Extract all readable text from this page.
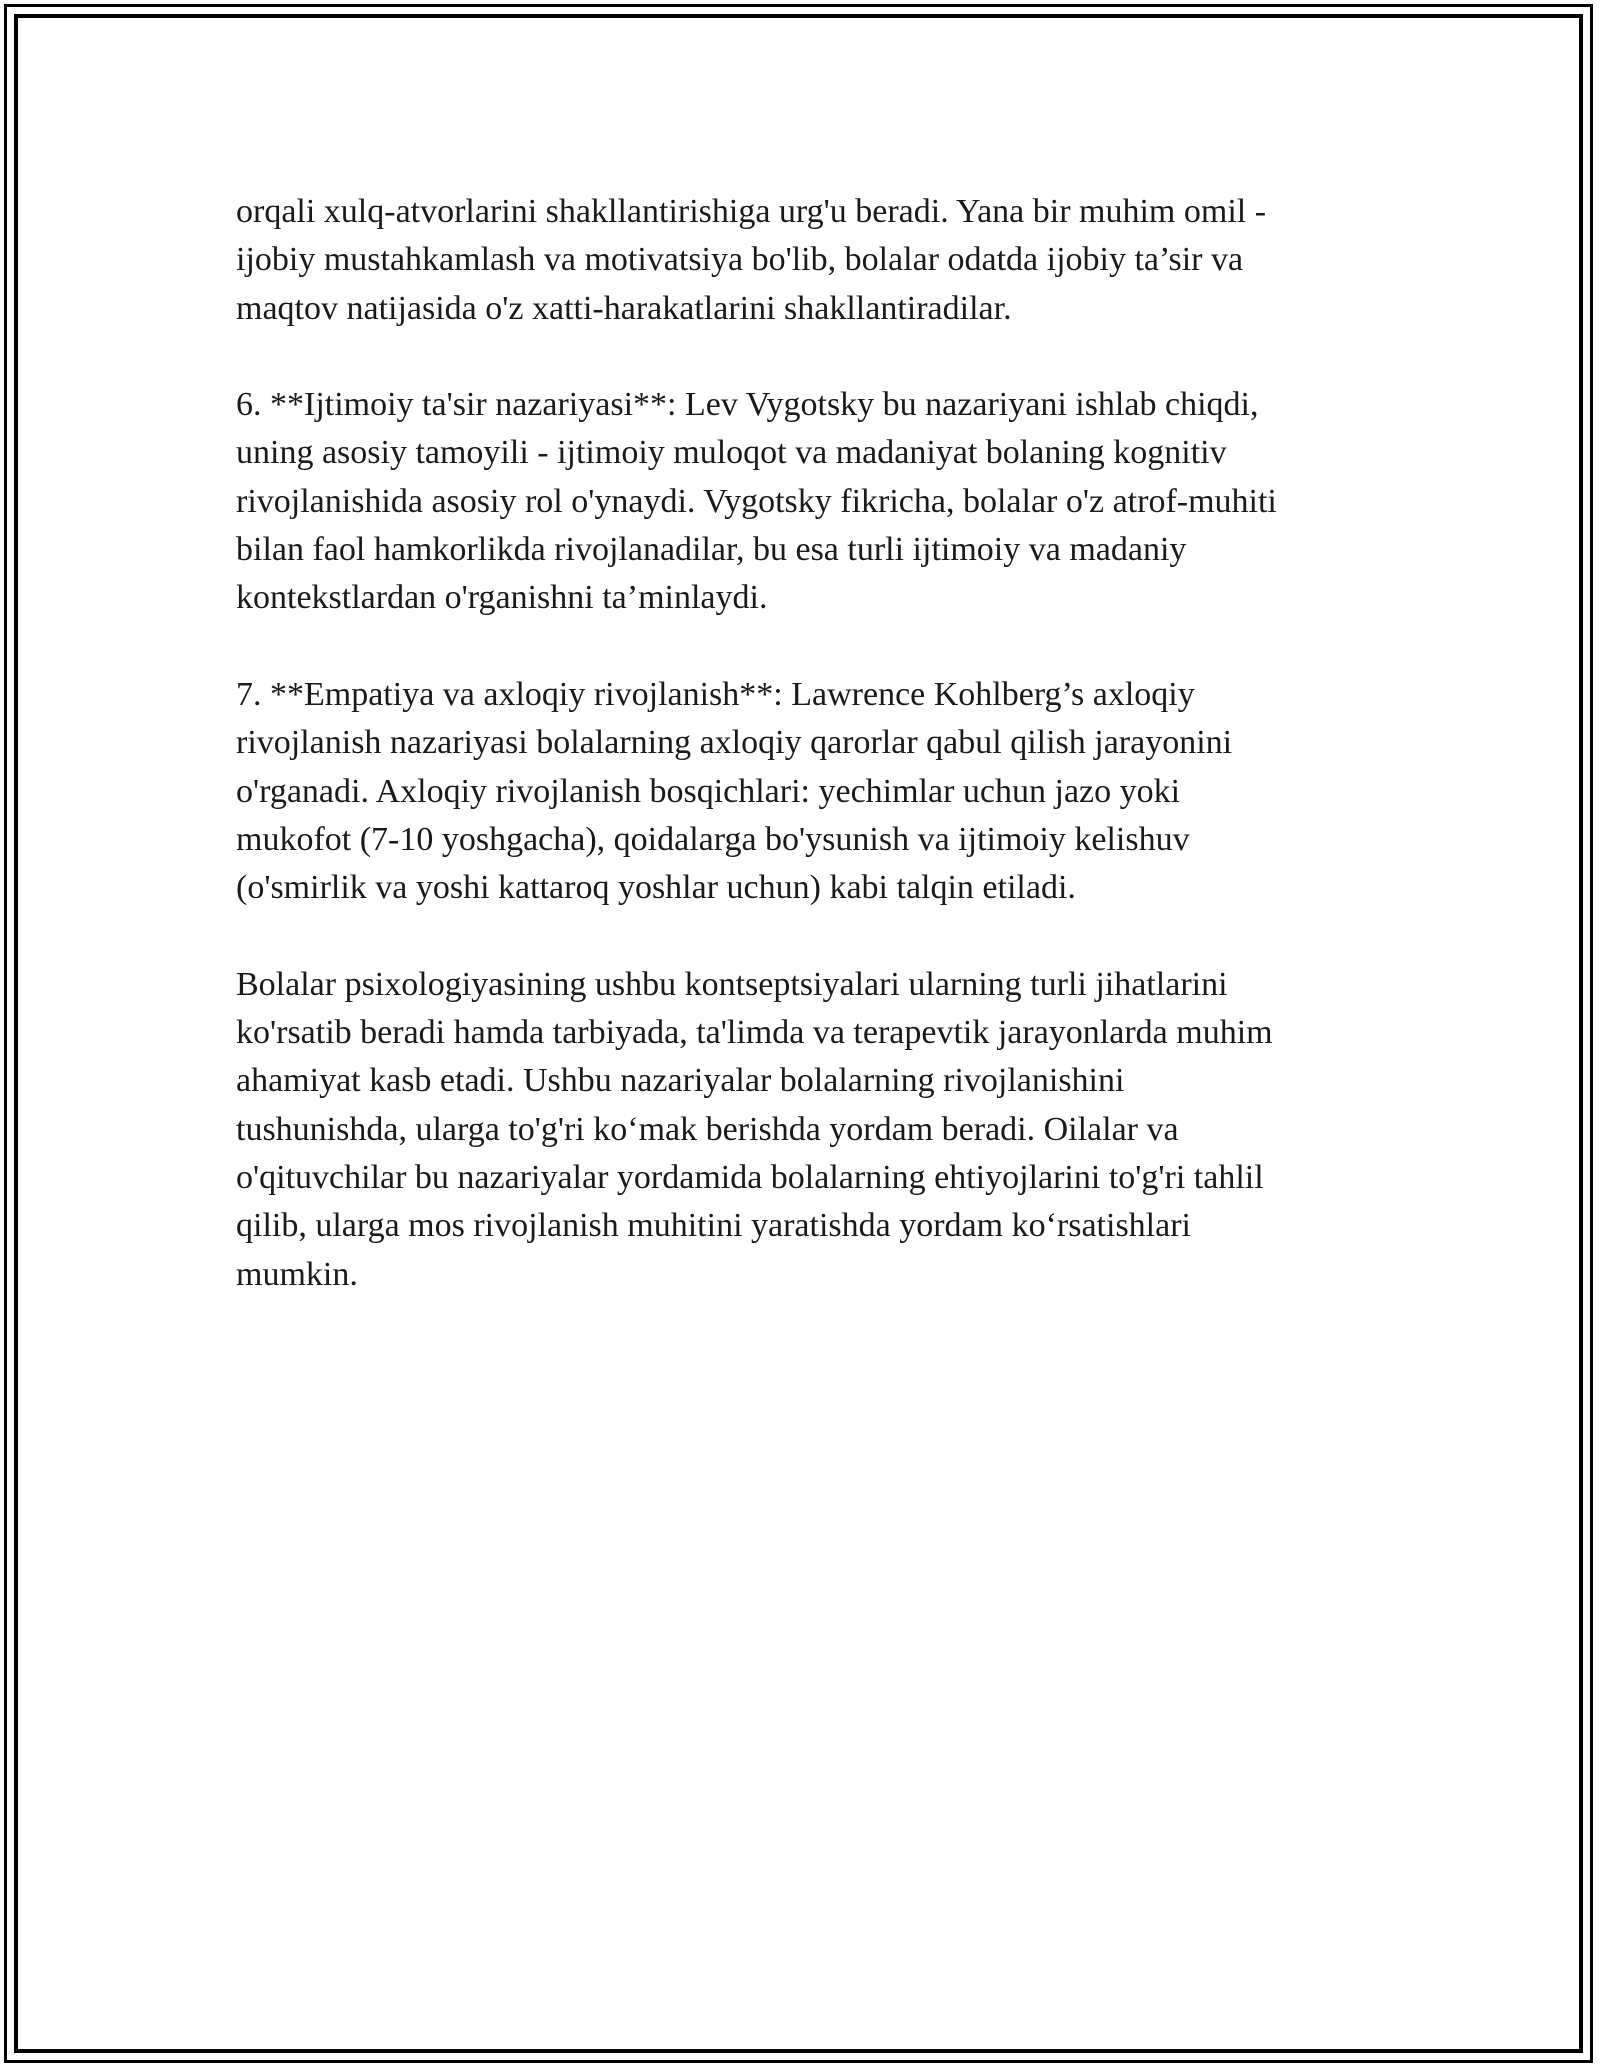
orqali xulq-atvorlarini shakllantirishiga urg'u beradi. Yana bir muhim omil -
ijobiy mustahkamlash va motivatsiya bo'lib, bolalar odatda ijobiy ta’sir va
maqtov natijasida o'z xatti-harakatlarini shakllantiradilar.

6. **Ijtimoiy ta'sir nazariyasi**: Lev Vygotsky bu nazariyani ishlab chiqdi,
uning asosiy tamoyili - ijtimoiy muloqot va madaniyat bolaning kognitiv
rivojlanishida asosiy rol o'ynaydi. Vygotsky fikricha, bolalar o'z atrof-muhiti
bilan faol hamkorlikda rivojlanadilar, bu esa turli ijtimoiy va madaniy
kontekstlardan o'rganishni ta’minlaydi.

7. **Empatiya va axloqiy rivojlanish**: Lawrence Kohlberg’s axloqiy
rivojlanish nazariyasi bolalarning axloqiy qarorlar qabul qilish jarayonini
o'rganadi. Axloqiy rivojlanish bosqichlari: yechimlar uchun jazo yoki
mukofot (7-10 yoshgacha), qoidalarga bo'ysunish va ijtimoiy kelishuv
(o'smirlik va yoshi kattaroq yoshlar uchun) kabi talqin etiladi.

Bolalar psixologiyasining ushbu kontseptsiyalari ularning turli jihatlarini
ko'rsatib beradi hamda tarbiyada, ta'limda va terapevtik jarayonlarda muhim
ahamiyat kasb etadi. Ushbu nazariyalar bolalarning rivojlanishini
tushunishda, ularga to'g'ri ko‘mak berishda yordam beradi. Oilalar va
o'qituvchilar bu nazariyalar yordamida bolalarning ehtiyojlarini to'g'ri tahlil
qilib, ularga mos rivojlanish muhitini yaratishda yordam ko‘rsatishlari
mumkin.
